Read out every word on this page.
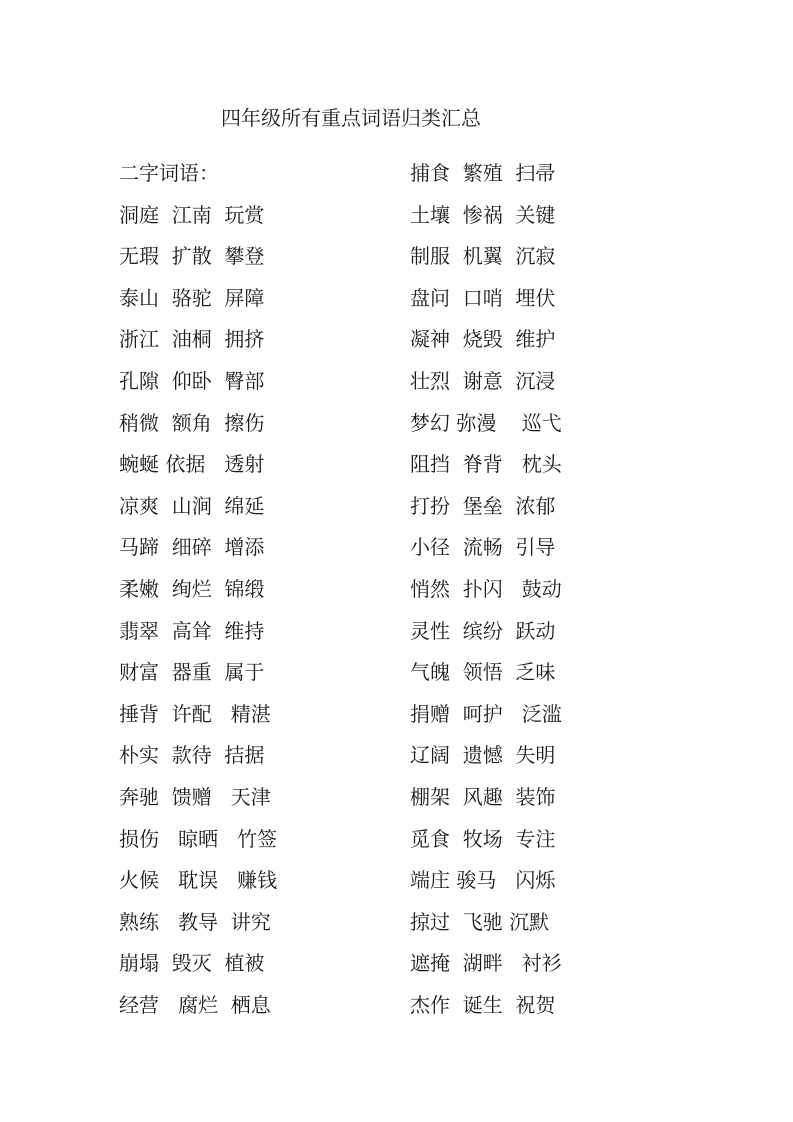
四年级所有重点词语归类汇总
二字词语：
洞庭  江南  玩赏
无瑕  扩散  攀登
泰山  骆驼  屏障
浙江  油桐  拥挤
孔隙  仰卧  臀部
稍微  额角  擦伤
蜿蜒 依据   透射
凉爽  山涧  绵延
马蹄  细碎  增添
柔嫩  绚烂  锦缎
翡翠  高耸  维持
财富  器重  属于
捶背  许配   精湛
朴实  款待  拮据
奔驰  馈赠   天津
损伤   晾晒   竹签
火候   耽误   赚钱
熟练   教导  讲究
崩塌  毁灭  植被
经营   腐烂  栖息
捕食  繁殖  扫帚
土壤  惨祸  关键
制服  机翼  沉寂
盘问  口哨  埋伏
凝神  烧毁  维护
壮烈  谢意  沉浸
梦幻 弥漫    巡弋
阻挡  脊背   枕头
打扮  堡垒  浓郁
小径  流畅  引导
悄然  扑闪   鼓动
灵性  缤纷  跃动
气魄  领悟  乏味
捐赠  呵护   泛滥
辽阔  遗憾  失明
棚架  风趣  装饰
觅食  牧场  专注
端庄 骏马   闪烁
掠过  飞驰 沉默
遮掩  湖畔   衬衫
杰作  诞生  祝贺
